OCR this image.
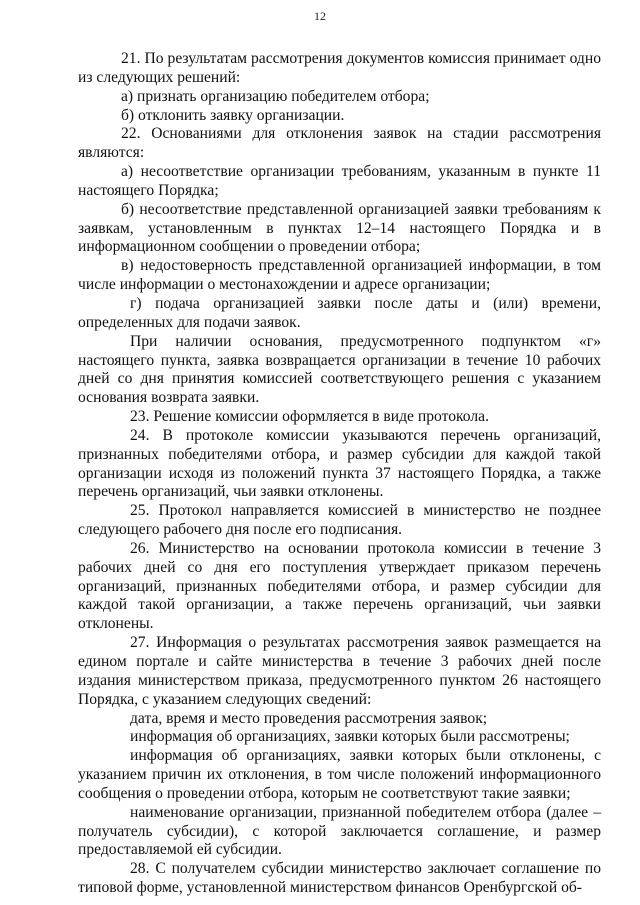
12

21. По результатам рассмотрения документов комиссия принимает одно из следующих решений:

а) признать организацию победителем отбора;

б) отклонить заявку организации.

22. Основаниями для отклонения заявок на стадии рассмотрения являются:

а) несоответствие организации требованиям, указанным в пункте 11 настоящего Порядка;

б) несоответствие представленной организацией заявки требованиям к заявкам, установленным в пунктах 12–14 настоящего Порядка и в информационном сообщении о проведении отбора;

в) недостоверность представленной организацией информации, в том числе информации о местонахождении и адресе организации;

г) подача организацией заявки после даты и (или) времени, определенных для подачи заявок.

При наличии основания, предусмотренного подпунктом «г» настоящего пункта, заявка возвращается организации в течение 10 рабочих дней со дня принятия комиссией соответствующего решения с указанием основания возврата заявки.

23. Решение комиссии оформляется в виде протокола.

24. В протоколе комиссии указываются перечень организаций, признанных победителями отбора, и размер субсидии для каждой такой организации исходя из положений пункта 37 настоящего Порядка, а также перечень организаций, чьи заявки отклонены.

25. Протокол направляется комиссией в министерство не позднее следующего рабочего дня после его подписания.

26. Министерство на основании протокола комиссии в течение 3 рабочих дней со дня его поступления утверждает приказом перечень организаций, признанных победителями отбора, и размер субсидии для каждой такой организации, а также перечень организаций, чьи заявки отклонены.

27. Информация о результатах рассмотрения заявок размещается на едином портале и сайте министерства в течение 3 рабочих дней после издания министерством приказа, предусмотренного пунктом 26 настоящего Порядка, с указанием следующих сведений:

дата, время и место проведения рассмотрения заявок;

информация об организациях, заявки которых были рассмотрены;

информация об организациях, заявки которых были отклонены, с указанием причин их отклонения, в том числе положений информационного сообщения о проведении отбора, которым не соответствуют такие заявки;

наименование организации, признанной победителем отбора (далее – получатель субсидии), с которой заключается соглашение, и размер предоставляемой ей субсидии.

28. С получателем субсидии министерство заключает соглашение по типовой форме, установленной министерством финансов Оренбургской об-
